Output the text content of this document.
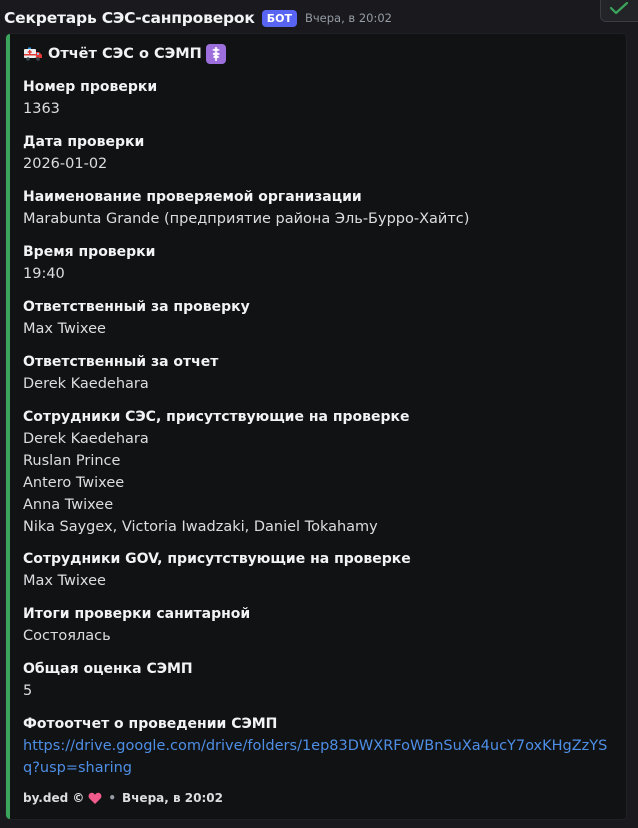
Секретарь СЭС-санпроверок	БОТ	Вчера, в 20:02
Отчёт СЭС о СЭМП
Номер проверки
1363
Дата проверки
2026-01-02
Наименование проверяемой организации
Marabunta Grande (предприятие района Эль-Бурро-Хайтс)
Время проверки
19:40
Ответственный за проверку
Max Twixee
Ответственный за отчет
Derek Kaedehara
Сотрудники СЭС, присутствующие на проверке
Derek Kaedehara
Ruslan Prince
Antero Twixee
Anna Twixee
Nika Saygex, Victoria Iwadzaki, Daniel Tokahamy
Сотрудники GOV, присутствующие на проверке
Max Twixee
Итоги проверки санитарной
Состоялась
Общая оценка СЭМП
5
Фотоотчет о проведении СЭМП
https://drive.google.com/drive/folders/1ep83DWXRFoWBnSuXa4ucY7oxKHgZzYSq?usp=sharing
by.ded © • Вчера, в 20:02
